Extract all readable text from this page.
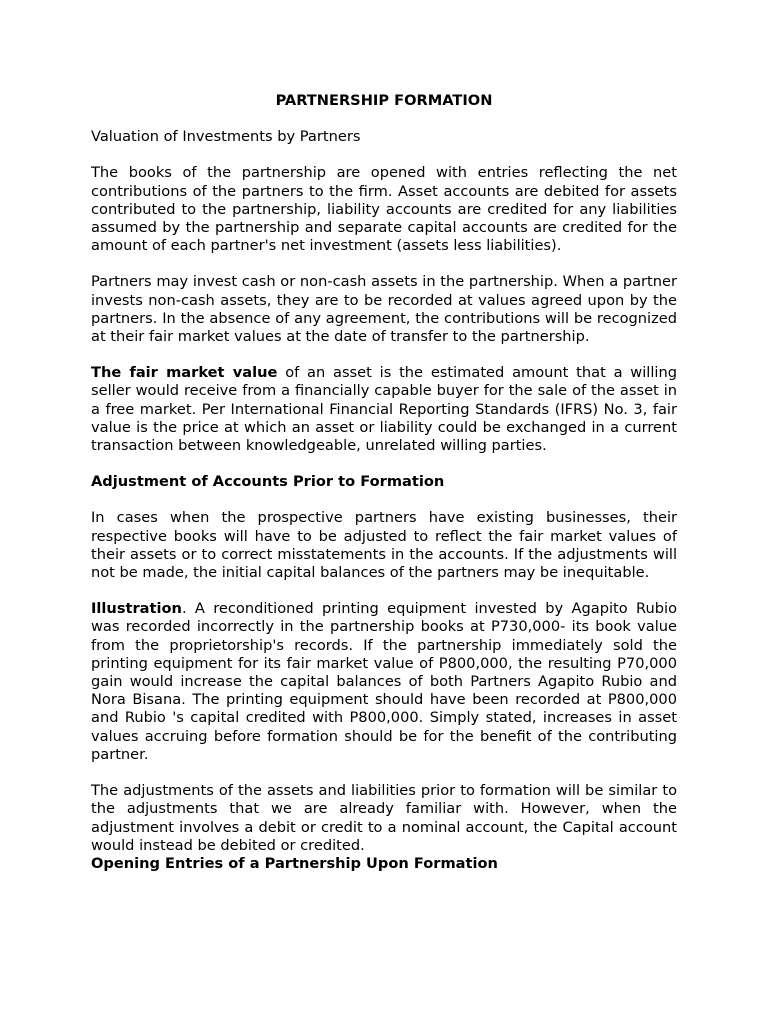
PARTNERSHIP FORMATION
Valuation of Investments by Partners

The books of the partnership are opened with entries reflecting the net contributions of the partners to the firm. Asset accounts are debited for assets contributed to the partnership, liability accounts are credited for any liabilities assumed by the partnership and separate capital accounts are credited for the amount of each partner's net investment (assets less liabilities).

Partners may invest cash or non-cash assets in the partnership. When a partner invests non-cash assets, they are to be recorded at values agreed upon by the partners. In the absence of any agreement, the contributions will be recognized at their fair market values at the date of transfer to the partnership.

The fair market value of an asset is the estimated amount that a willing seller would receive from a financially capable buyer for the sale of the asset in a free market. Per International Financial Reporting Standards (IFRS) No. 3, fair value is the price at which an asset or liability could be exchanged in a current transaction between knowledgeable, unrelated willing parties.

Adjustment of Accounts Prior to Formation

In cases when the prospective partners have existing businesses, their respective books will have to be adjusted to reflect the fair market values of their assets or to correct misstatements in the accounts. If the adjustments will not be made, the initial capital balances of the partners may be inequitable.

Illustration. A reconditioned printing equipment invested by Agapito Rubio was recorded incorrectly in the partnership books at P730,000- its book value from the proprietorship's records. If the partnership immediately sold the printing equipment for its fair market value of P800,000, the resulting P70,000 gain would increase the capital balances of both Partners Agapito Rubio and Nora Bisana. The printing equipment should have been recorded at P800,000 and Rubio 's capital credited with P800,000. Simply stated, increases in asset values accruing before formation should be for the benefit of the contributing partner.

The adjustments of the assets and liabilities prior to formation will be similar to the adjustments that we are already familiar with. However, when the adjustment involves a debit or credit to a nominal account, the Capital account would instead be debited or credited.

Opening Entries of a Partnership Upon Formation
